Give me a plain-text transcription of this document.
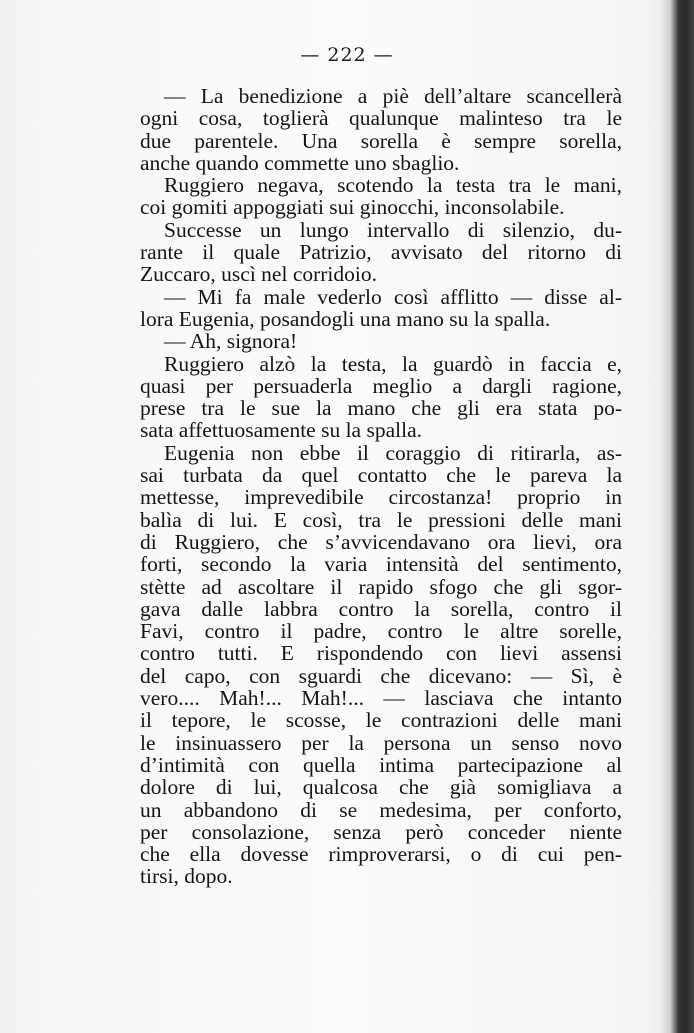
— 222 —
— La benedizione a piè dell’altare scancellerà
ogni cosa, toglierà qualunque malinteso tra le
due parentele. Una sorella è sempre sorella,
anche quando commette uno sbaglio.
Ruggiero negava, scotendo la testa tra le mani,
coi gomiti appoggiati sui ginocchi, inconsolabile.
Successe un lungo intervallo di silenzio, du-
rante il quale Patrizio, avvisato del ritorno di
Zuccaro, uscì nel corridoio.
— Mi fa male vederlo così afflitto — disse al-
lora Eugenia, posandogli una mano su la spalla.
— Ah, signora!
Ruggiero alzò la testa, la guardò in faccia e,
quasi per persuaderla meglio a dargli ragione,
prese tra le sue la mano che gli era stata po-
sata affettuosamente su la spalla.
Eugenia non ebbe il coraggio di ritirarla, as-
sai turbata da quel contatto che le pareva la
mettesse, imprevedibile circostanza! proprio in
balìa di lui. E così, tra le pressioni delle mani
di Ruggiero, che s’avvicendavano ora lievi, ora
forti, secondo la varia intensità del sentimento,
stètte ad ascoltare il rapido sfogo che gli sgor-
gava dalle labbra contro la sorella, contro il
Favi, contro il padre, contro le altre sorelle,
contro tutti. E rispondendo con lievi assensi
del capo, con sguardi che dicevano: — Sì, è
vero.... Mah!... Mah!... — lasciava che intanto
il tepore, le scosse, le contrazioni delle mani
le insinuassero per la persona un senso novo
d’intimità con quella intima partecipazione al
dolore di lui, qualcosa che già somigliava a
un abbandono di se medesima, per conforto,
per consolazione, senza però conceder niente
che ella dovesse rimproverarsi, o di cui pen-
tirsi, dopo.
